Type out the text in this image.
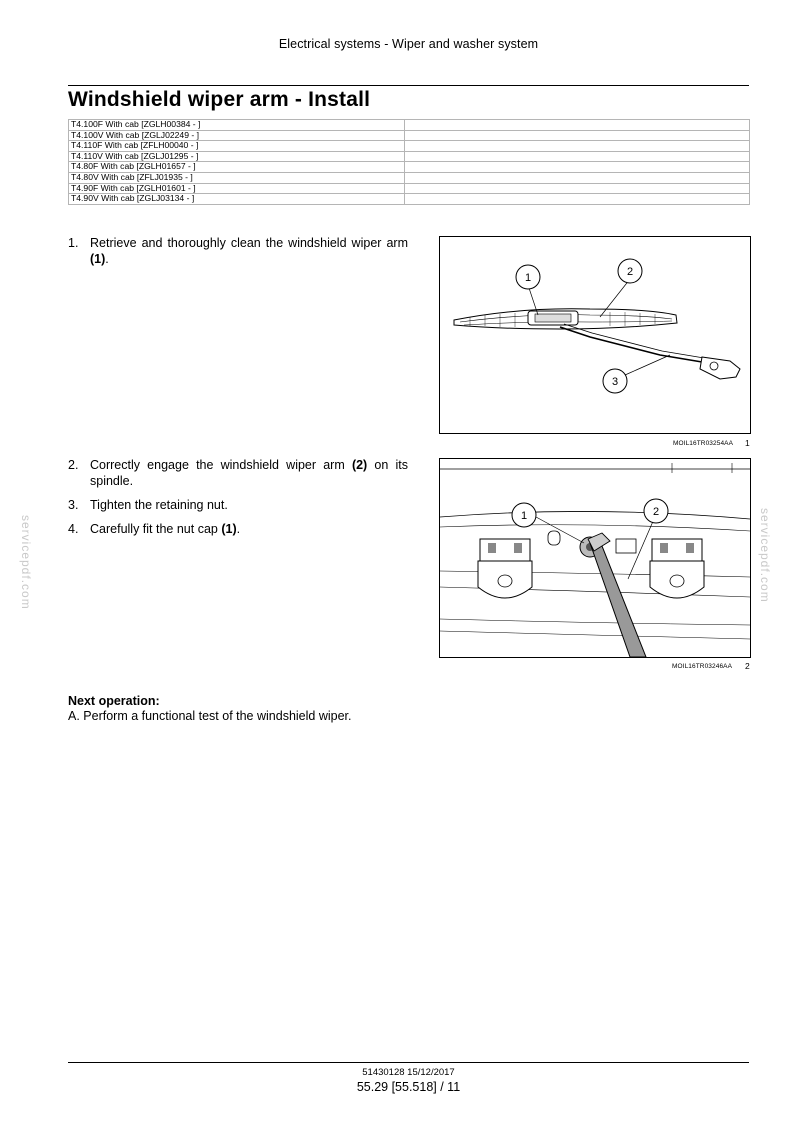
Electrical systems - Wiper and washer system
Windshield wiper arm - Install
T4.100F With cab [ZGLH00384 - ]	
T4.100V With cab [ZGLJ02249 - ]	
T4.110F With cab [ZFLH00040 - ]	
T4.110V With cab [ZGLJ01295 - ]	
T4.80F With cab [ZGLH01657 - ]	
T4.80V With cab [ZFLJ01935 - ]	
T4.90F With cab [ZGLH01601 - ]	
T4.90V With cab [ZGLJ03134 - ]	
1. Retrieve and thoroughly clean the windshield wiper arm (1).
2. Correctly engage the windshield wiper arm (2) on its spindle.
3. Tighten the retaining nut.
4. Carefully fit the nut cap (1).
1	2
3
MOIL16TR03254AA 1
1	2
MOIL16TR03246AA 2
Next operation:
A. Perform a functional test of the windshield wiper.
servicepdf.com	servicepdf.com
51430128 15/12/2017
55.29 [55.518] / 11
